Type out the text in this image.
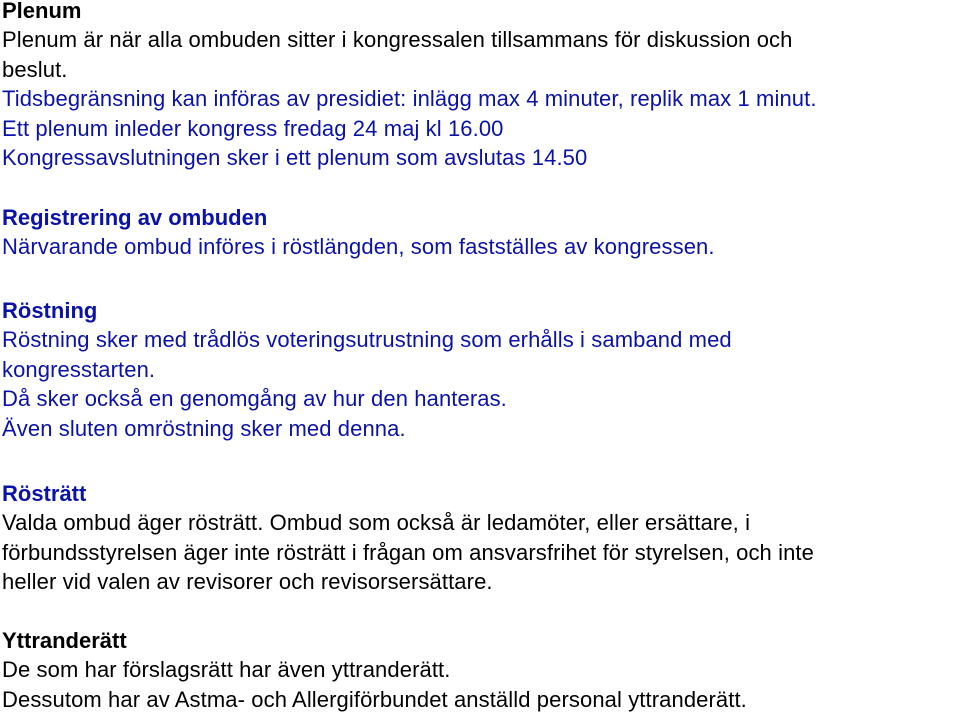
Plenum
Plenum är när alla ombuden sitter i kongressalen tillsammans för diskussion och
beslut.
Tidsbegränsning kan införas av presidiet: inlägg max 4 minuter, replik max 1 minut.
Ett plenum inleder kongress fredag 24 maj kl 16.00
Kongressavslutningen sker i ett plenum som avslutas 14.50
Registrering av ombuden
Närvarande ombud införes i röstlängden, som fastställes av kongressen.
Röstning
Röstning sker med trådlös voteringsutrustning som erhålls i samband med
kongresstarten.
Då sker också en genomgång av hur den hanteras.
Även sluten omröstning sker med denna.
Rösträtt
Valda ombud äger rösträtt. Ombud som också är ledamöter, eller ersättare, i
förbundsstyrelsen äger inte rösträtt i frågan om ansvarsfrihet för styrelsen, och inte
heller vid valen av revisorer och revisorsersättare.
Yttranderätt
De som har förslagsrätt har även yttranderätt.
Dessutom har av Astma- och Allergiförbundet anställd personal yttranderätt.
